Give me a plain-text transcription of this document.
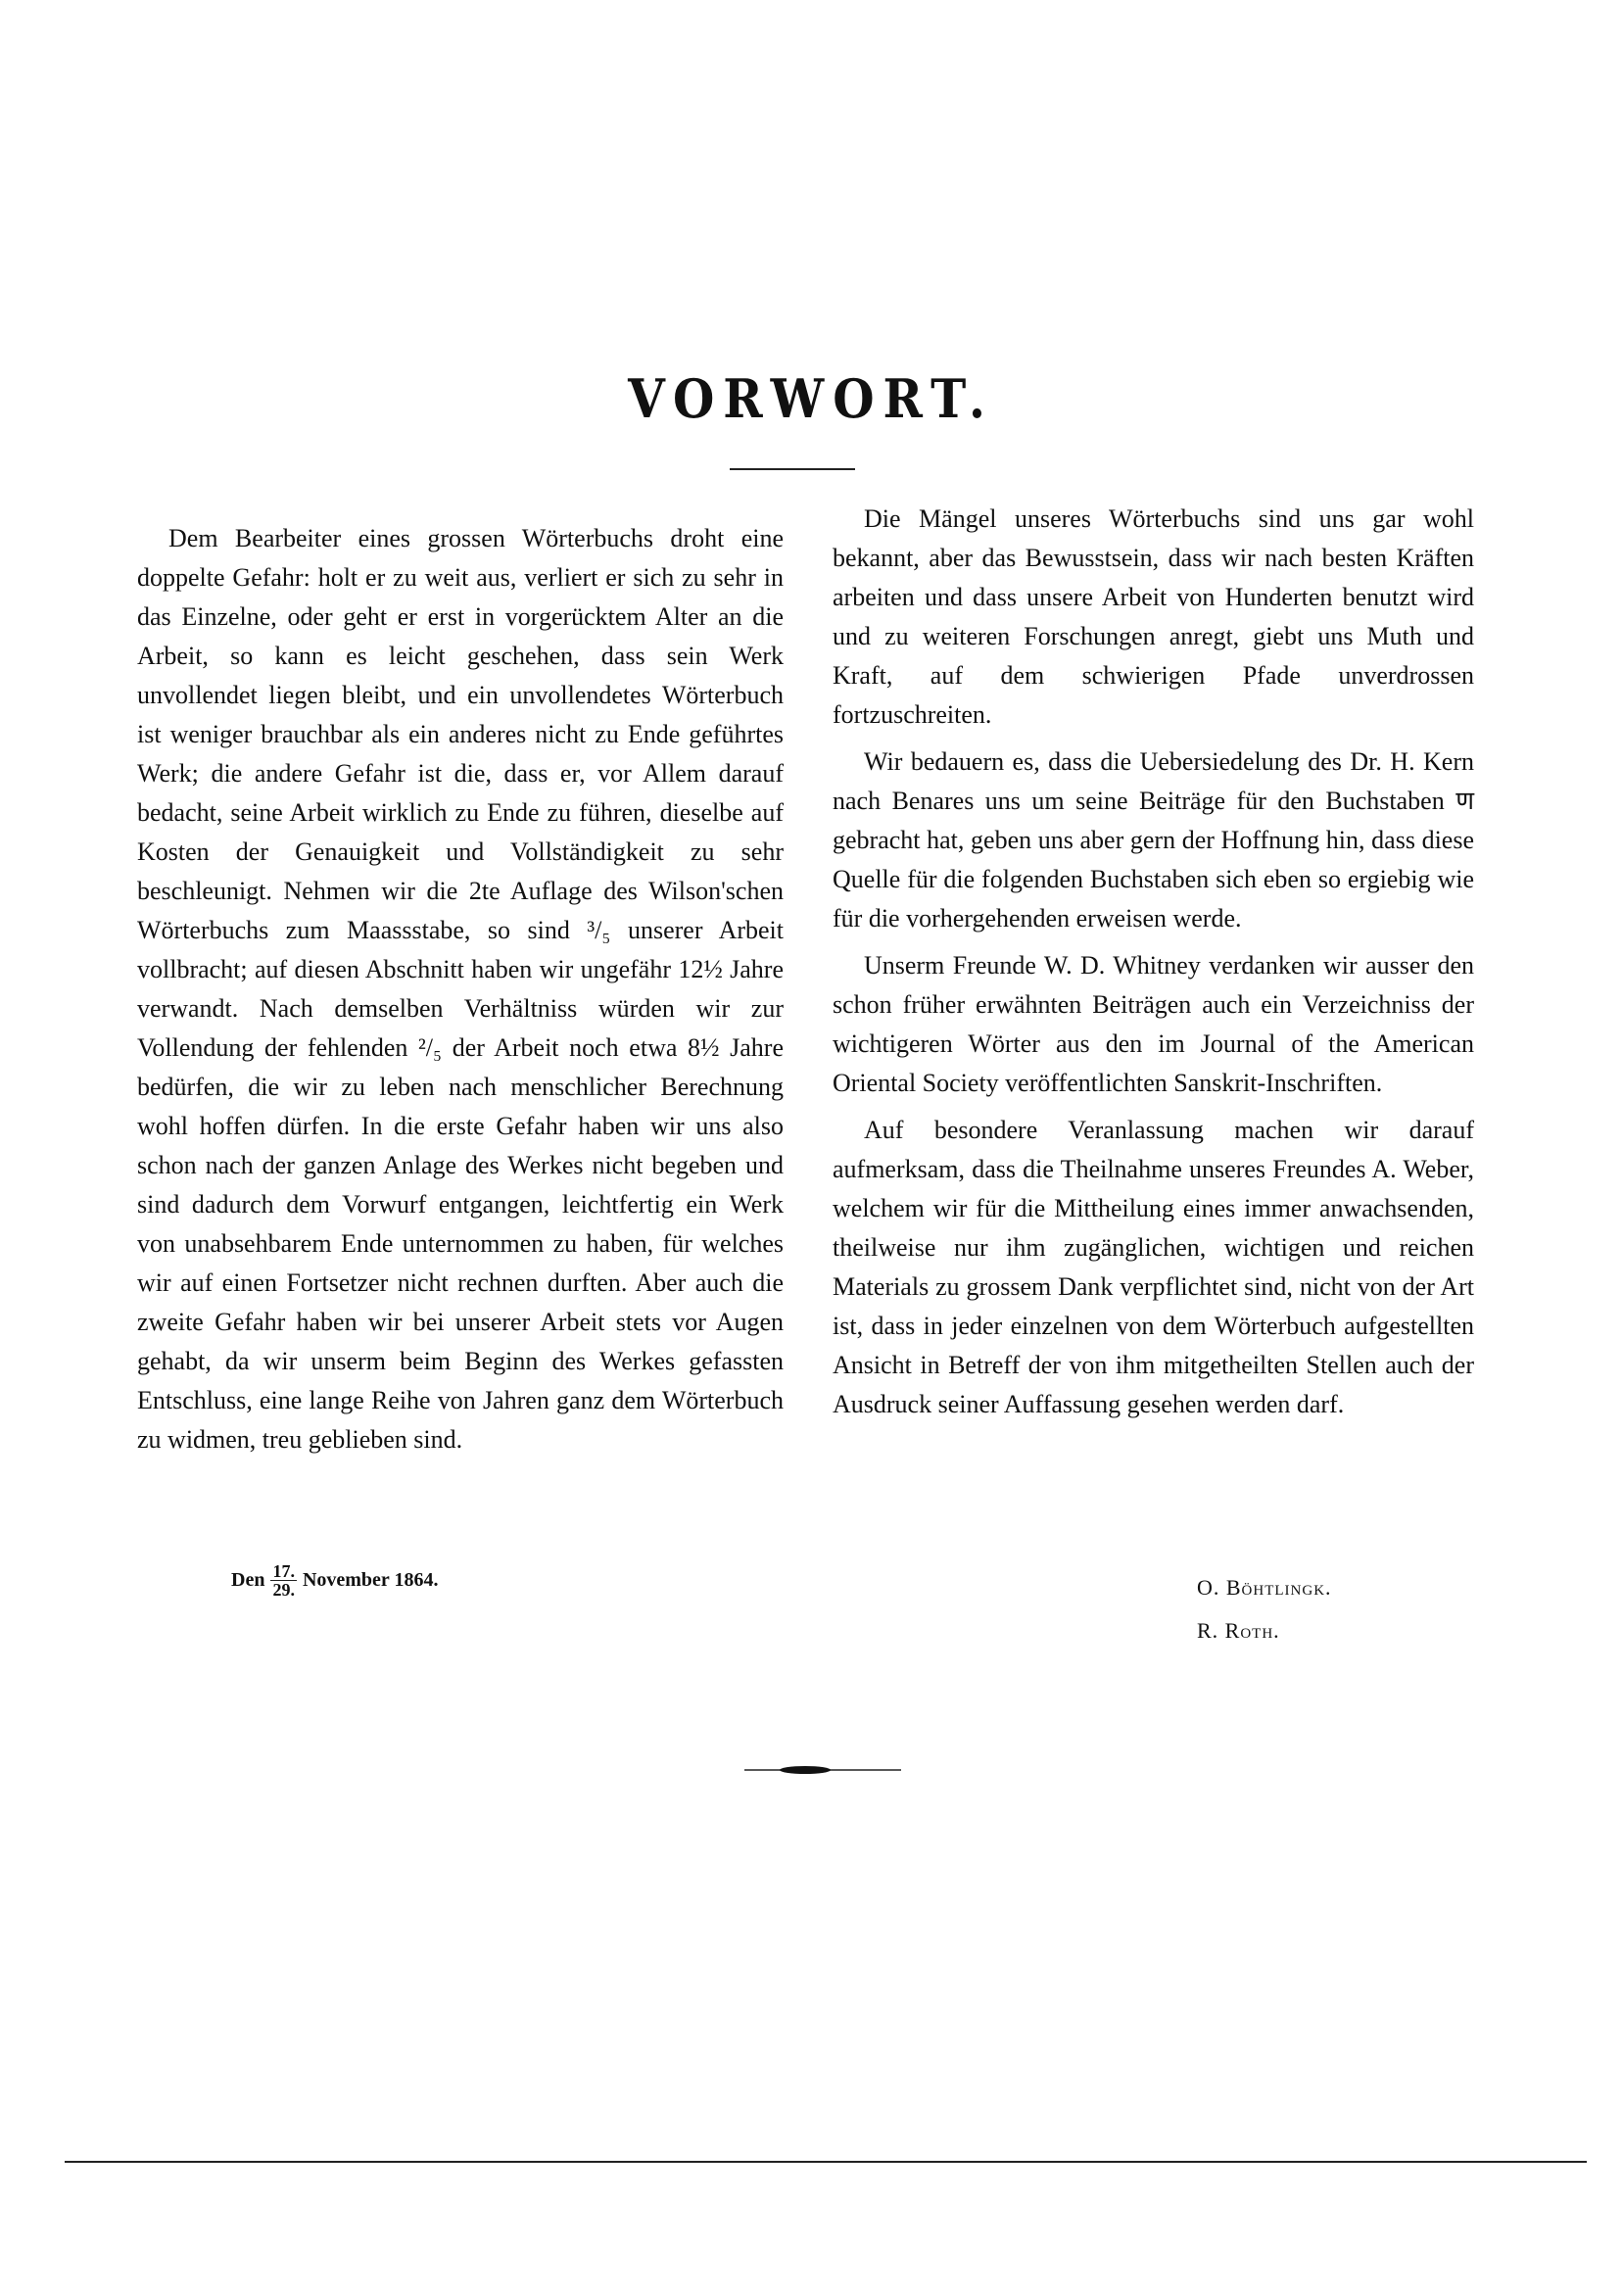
VORWORT.

Dem Bearbeiter eines grossen Wörterbuchs droht eine doppelte Gefahr: holt er zu weit aus, verliert er sich zu sehr in das Einzelne, oder geht er erst in vorgerücktem Alter an die Arbeit, so kann es leicht geschehen, dass sein Werk unvollendet liegen bleibt, und ein unvollendetes Wörterbuch ist weniger brauchbar als ein anderes nicht zu Ende geführtes Werk; die andere Gefahr ist die, dass er, vor Allem darauf bedacht, seine Arbeit wirklich zu Ende zu führen, dieselbe auf Kosten der Genauigkeit und Vollständigkeit zu sehr beschleunigt. Nehmen wir die 2te Auflage des Wilson'schen Wörterbuchs zum Maassstabe, so sind ³/₅ unserer Arbeit vollbracht; auf diesen Abschnitt haben wir ungefähr 12½ Jahre verwandt. Nach demselben Verhältniss würden wir zur Vollendung der fehlenden ²/₅ der Arbeit noch etwa 8½ Jahre bedürfen, die wir zu leben nach menschlicher Berechnung wohl hoffen dürfen. In die erste Gefahr haben wir uns also schon nach der ganzen Anlage des Werkes nicht begeben und sind dadurch dem Vorwurf entgangen, leichtfertig ein Werk von unabsehbarem Ende unternommen zu haben, für welches wir auf einen Fortsetzer nicht rechnen durften. Aber auch die zweite Gefahr haben wir bei unserer Arbeit stets vor Augen gehabt, da wir unserm beim Beginn des Werkes gefassten Entschluss, eine lange Reihe von Jahren ganz dem Wörterbuch zu widmen, treu geblieben sind.

Die Mängel unseres Wörterbuchs sind uns gar wohl bekannt, aber das Bewusstsein, dass wir nach besten Kräften arbeiten und dass unsere Arbeit von Hunderten benutzt wird und zu weiteren Forschungen anregt, giebt uns Muth und Kraft, auf dem schwierigen Pfade unverdrossen fortzuschreiten.

Wir bedauern es, dass die Uebersiedelung des Dr. H. Kern nach Benares uns um seine Beiträge für den Buchstaben ण gebracht hat, geben uns aber gern der Hoffnung hin, dass diese Quelle für die folgenden Buchstaben sich eben so ergiebig wie für die vorhergehenden erweisen werde.

Unserm Freunde W. D. Whitney verdanken wir ausser den schon früher erwähnten Beiträgen auch ein Verzeichniss der wichtigeren Wörter aus den im Journal of the American Oriental Society veröffentlichten Sanskrit-Inschriften.

Auf besondere Veranlassung machen wir darauf aufmerksam, dass die Theilnahme unseres Freundes A. Weber, welchem wir für die Mittheilung eines immer anwachsenden, theilweise nur ihm zugänglichen, wichtigen und reichen Materials zu grossem Dank verpflichtet sind, nicht von der Art ist, dass in jeder einzelnen von dem Wörterbuch aufgestellten Ansicht in Betreff der von ihm mitgetheilten Stellen auch der Ausdruck seiner Auffassung gesehen werden darf.

Den $\frac{17.}{29.}$ November 1864.	O. Böhtlingk.
R. Roth.
